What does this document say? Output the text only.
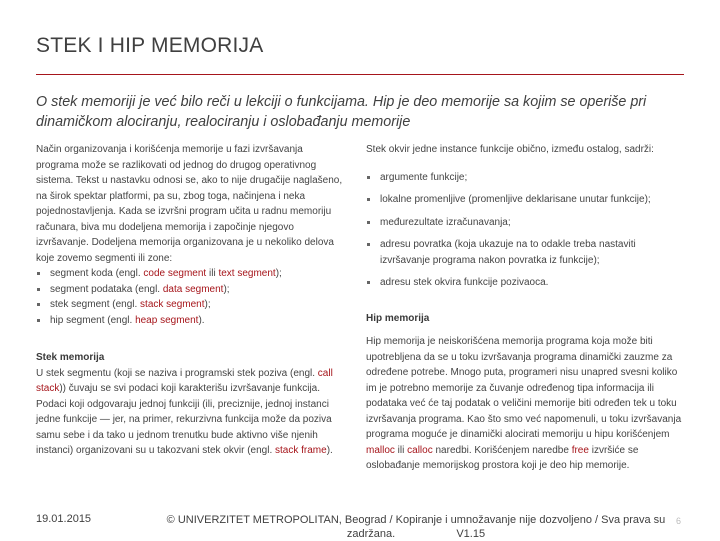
STEK I HIP MEMORIJA

O stek memoriji je već bilo reči u lekciji o funkcijama. Hip je deo memorije sa kojim se operiše pri dinamičkom alociranju, realociranju i oslobađanju memorije

Način organizovanja i korišćenja memorije u fazi izvršavanja programa može se razlikovati od jednog do drugog operativnog sistema. Tekst u nastavku odnosi se, ako to nije drugačije naglašeno, na širok spektar platformi, pa su, zbog toga, načinjena i neka pojednostavljenja. Kada se izvršni program učita u radnu memoriju računara, biva mu dodeljena memorija i započinje njegovo izvršavanje. Dodeljena memorija organizovana je u nekoliko delova koje zovemo segmenti ili zone:

segment koda (engl. code segment ili text segment);
segment podataka (engl. data segment);
stek segment (engl. stack segment);
hip segment (engl. heap segment).

Stek memorija

U stek segmentu (koji se naziva i programski stek poziva (engl. call stack)) čuvaju se svi podaci koji karakterišu izvršavanje funkcija. Podaci koji odgovaraju jednoj funkciji (ili, preciznije, jednoj instanci jedne funkcije — jer, na primer, rekurzivna funkcija može da poziva samu sebe i da tako u jednom trenutku bude aktivno više njenih instanci) organizovani su u takozvani stek okvir (engl. stack frame).

Stek okvir jedne instance funkcije obično, između ostalog, sadrži:

argumente funkcije;
lokalne promenljive (promenljive deklarisane unutar funkcije);
međurezultate izračunavanja;
adresu povratka (koja ukazuje na to odakle treba nastaviti izvršavanje programa nakon povratka iz funkcije);
adresu stek okvira funkcije pozivaoca.

Hip memorija

Hip memorija je neiskorišćena memorija programa koja može biti upotrebljena da se u toku izvršavanja programa dinamički zauzme za određene potrebe. Mnogo puta, programeri nisu unapred svesni koliko im je potrebno memorije za čuvanje određenog tipa informacija ili podataka već će taj podatak o veličini memorije biti određen tek u toku izvršavanja programa. Kao što smo već napomenuli, u toku izvršavanja programa moguće je dinamički alocirati memoriju u hipu korišćenjem malloc ili calloc naredbi. Korišćenjem naredbe free izvršiće se oslobađanje memorijskog prostora koji je deo hip memorije.

19.01.2015	© UNIVERZITET METROPOLITAN, Beograd / Kopiranje i umnožavanje nije dozvoljeno / Sva prava su
zadržana.                    V1.15
6
